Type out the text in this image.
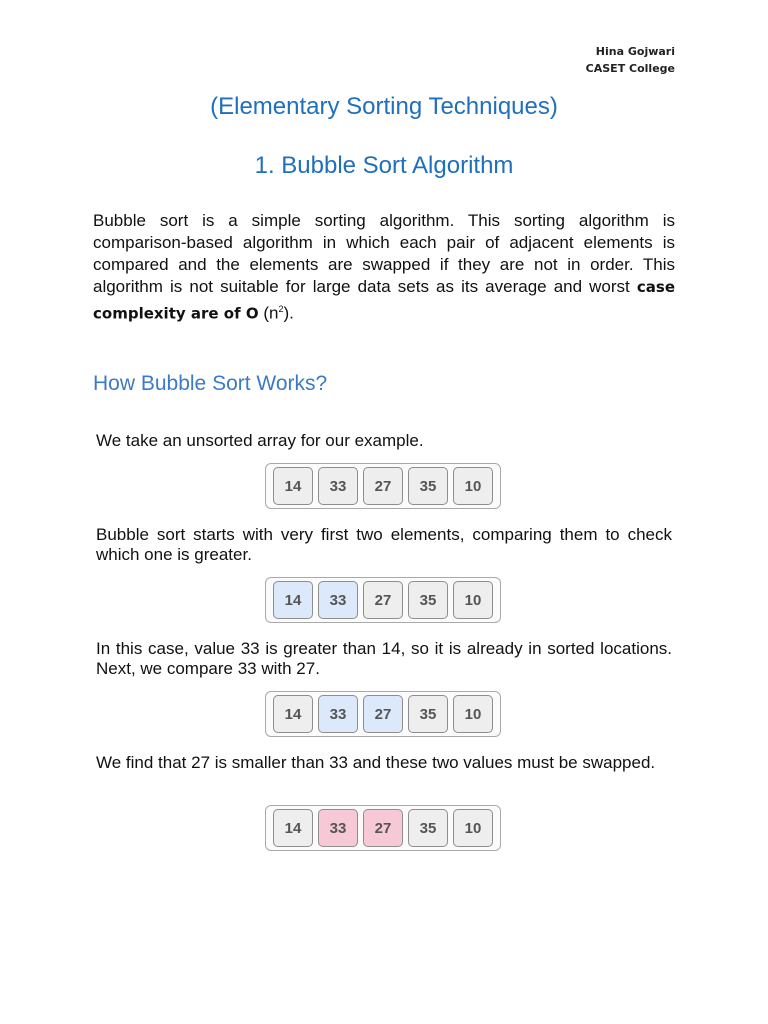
Hina Gojwari
CASET College
(Elementary Sorting Techniques)
1. Bubble Sort Algorithm

Bubble sort is a simple sorting algorithm. This sorting algorithm is comparison-based algorithm in which each pair of adjacent elements is compared and the elements are swapped if they are not in order. This algorithm is not suitable for large data sets as its average and worst case complexity are of O $(n^2)$.

How Bubble Sort Works?

We take an unsorted array for our example.

14	33	27	35	10

Bubble sort starts with very first two elements, comparing them to check which one is greater.

14	33	27	35	10

In this case, value 33 is greater than 14, so it is already in sorted locations. Next, we compare 33 with 27.

14	33	27	35	10

We find that 27 is smaller than 33 and these two values must be swapped.

14	33	27	35	10
